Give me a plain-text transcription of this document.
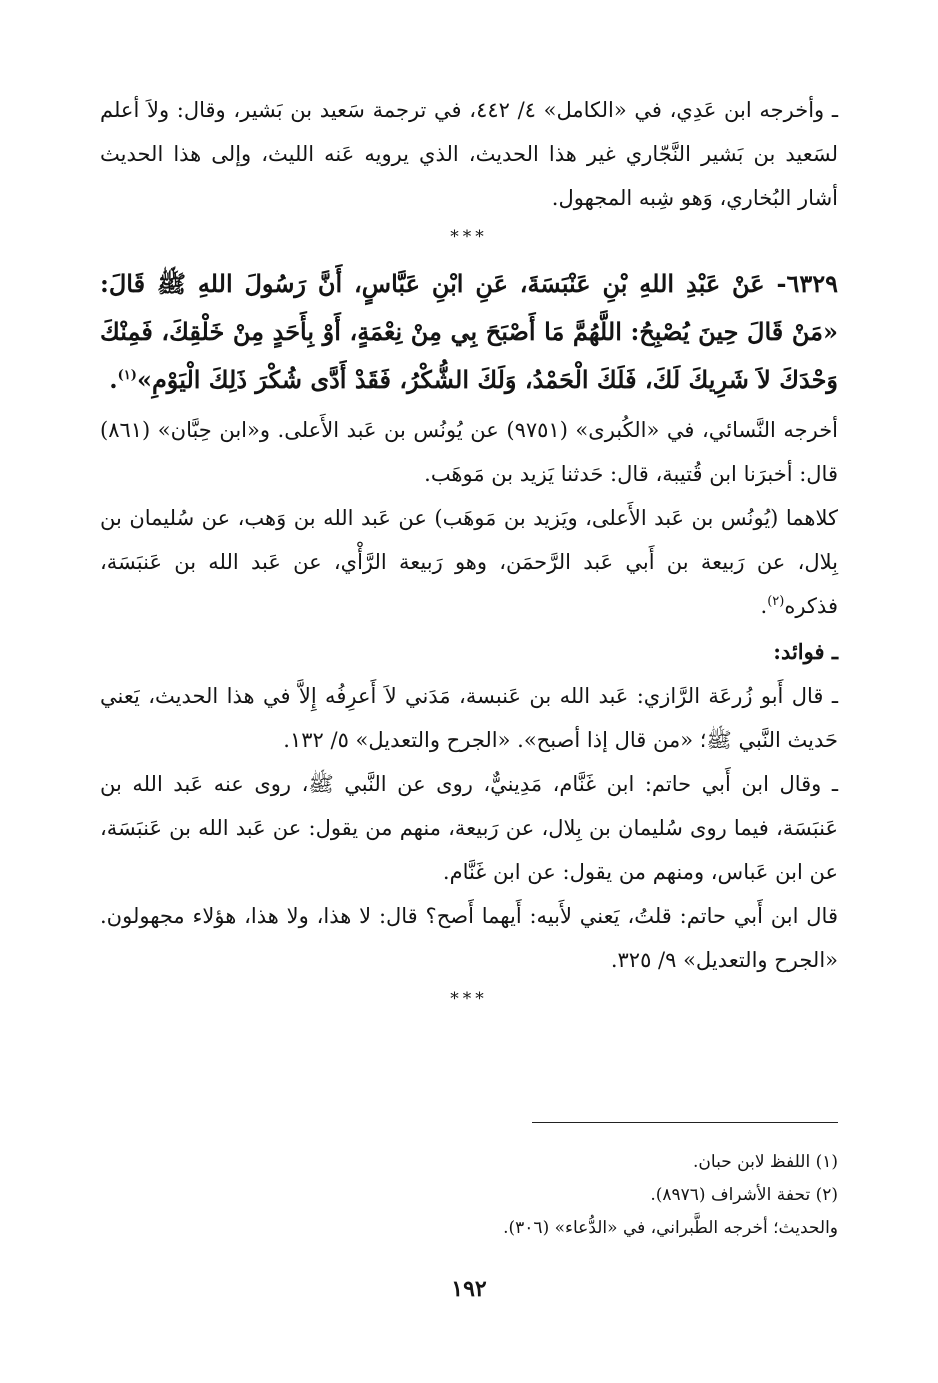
ـ وأخرجه ابن عَدِي، في «الكامل» ٤/ ٤٤٢، في ترجمة سَعيد بن بَشير، وقال: ولاَ أعلم لسَعيد بن بَشير النَّجّاري غير هذا الحديث، الذي يرويه عَنه الليث، وإلى هذا الحديث أشار البُخاري، وَهو شِبه المجهول.

***

٦٣٢٩- عَنْ عَبْدِ اللهِ بْنِ عَنْبَسَةَ، عَنِ ابْنِ عَبَّاسٍ، أَنَّ رَسُولَ اللهِ ﷺ قَالَ: «مَنْ قَالَ حِينَ يُصْبِحُ: اللَّهُمَّ مَا أَصْبَحَ بِي مِنْ نِعْمَةٍ، أَوْ بِأَحَدٍ مِنْ خَلْقِكَ، فَمِنْكَ وَحْدَكَ لاَ شَرِيكَ لَكَ، فَلَكَ الْحَمْدُ، وَلَكَ الشُّكْرُ، فَقَدْ أَدَّى شُكْرَ ذَلِكَ الْيَوْمِ»$^{(١)}$.

أخرجه النَّسائي، في «الكُبرى» (٩٧٥١) عن يُونُس بن عَبد الأَعلى. و«ابن حِبَّان» (٨٦١) قال: أخبرَنا ابن قُتيبة، قال: حَدثنا يَزيد بن مَوهَب.

كلاهما (يُونُس بن عَبد الأَعلى، ويَزيد بن مَوهَب) عن عَبد الله بن وَهب، عن سُليمان بن بِلال، عن رَبيعة بن أَبي عَبد الرَّحمَن، وهو رَبيعة الرَّأْي، عن عَبد الله بن عَنبَسَة، فذكره$^{(٢)}$.

ـ فوائد:

ـ قال أَبو زُرعَة الرَّازي: عَبد الله بن عَنبسة، مَدَني لاَ أَعرِفُه إِلاَّ في هذا الحديث، يَعني حَديث النَّبي ﷺ؛ «من قال إذا أصبح». «الجرح والتعديل» ٥/ ١٣٢.

ـ وقال ابن أَبي حاتم: ابن غَنَّام، مَدِينيٌّ، روى عن النَّبي ﷺ، روى عنه عَبد الله بن عَنبَسَة، فيما روى سُليمان بن بِلال، عن رَبيعة، منهم من يقول: عن عَبد الله بن عَنبَسَة، عن ابن عَباس، ومنهم من يقول: عن ابن غَنَّام.

قال ابن أَبي حاتم: قلتُ، يَعني لأَبيه: أَيهما أَصح؟ قال: لا هذا، ولا هذا، هؤلاء مجهولون. «الجرح والتعديل» ٩/ ٣٢٥.

***

(١) اللفظ لابن حبان.

(٢) تحفة الأشراف (٨٩٧٦).

والحديث؛ أخرجه الطَّبراني، في «الدُّعاء» (٣٠٦).

١٩٢
